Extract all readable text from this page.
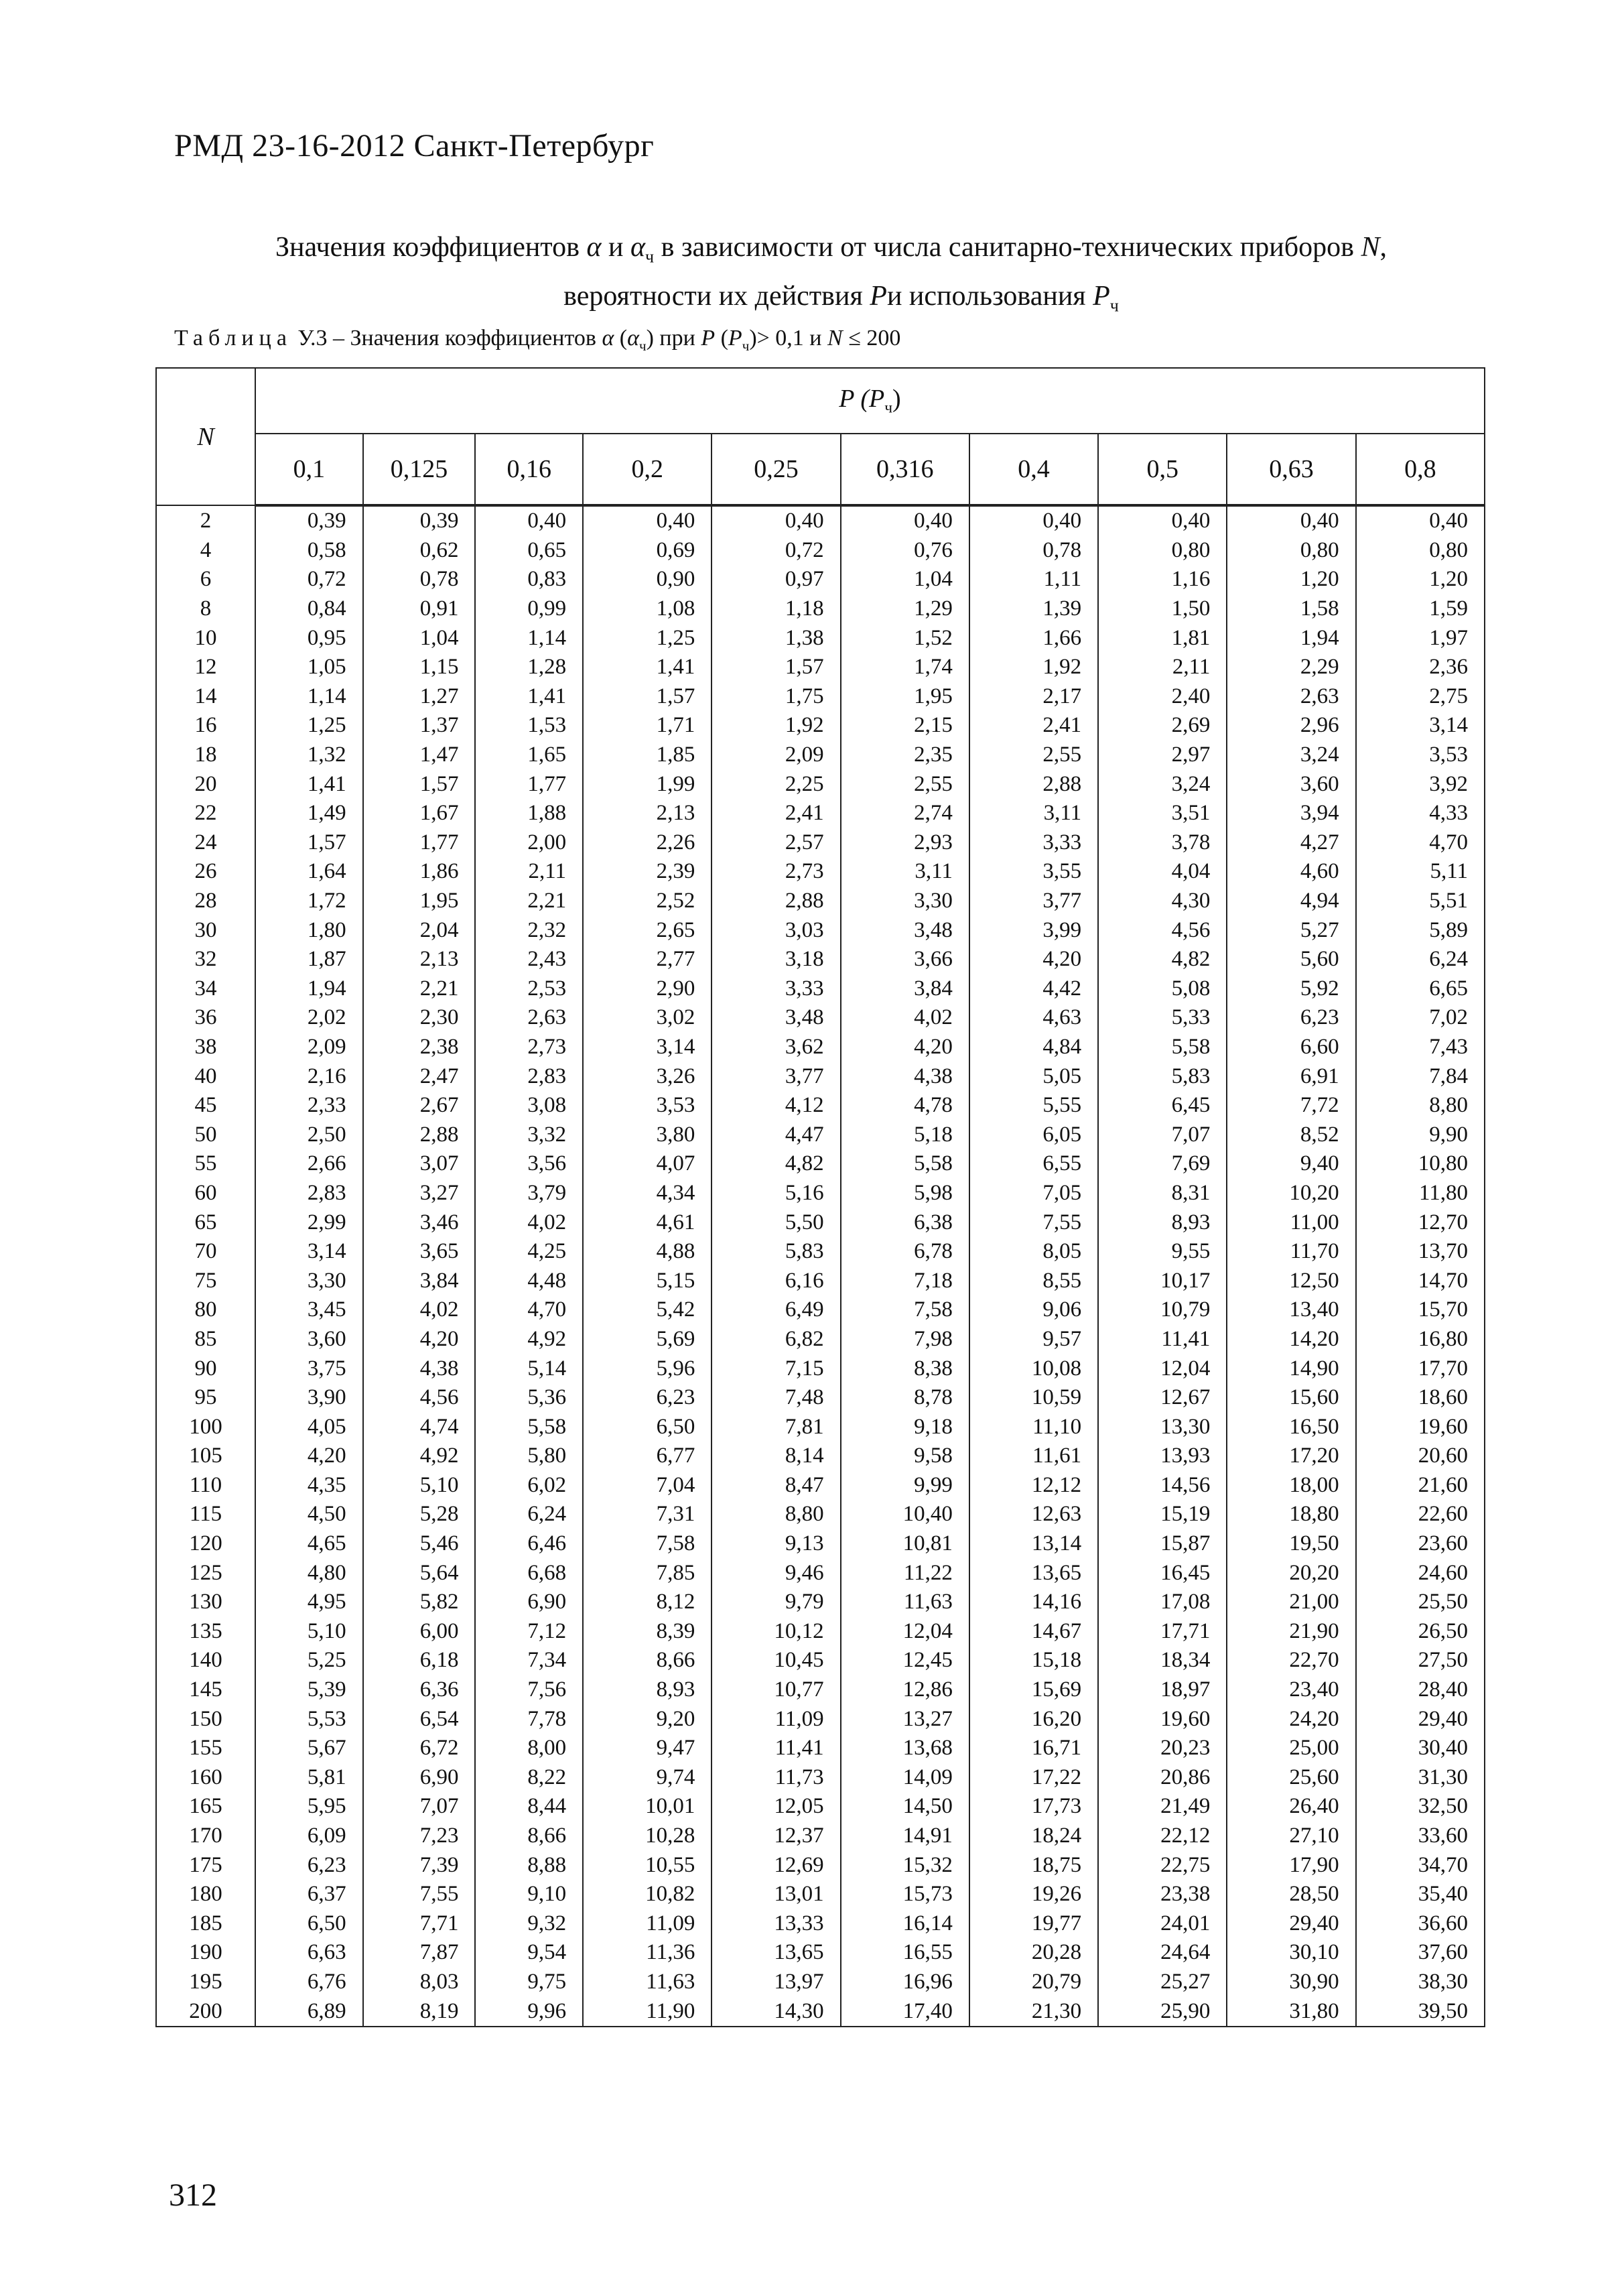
РМД 23-16-2012 Санкт-Петербург
Значения коэффициентов α и $\alpha_ч$ в зависимости от числа санитарно-технических приборов N,
вероятности их действия Pи использования $P_ч$
Таблица У.3 – Значения коэффициентов α $(\alpha_ч)$ при P $(P_ч)> 0,1$ и N ≤ 200
N	P $(P_ч)$									
	0,1	0,125	0,16	0,2	0,25	0,316	0,4	0,5	0,63	0,8
2	0,39	0,39	0,40	0,40	0,40	0,40	0,40	0,40	0,40	0,40
4	0,58	0,62	0,65	0,69	0,72	0,76	0,78	0,80	0,80	0,80
6	0,72	0,78	0,83	0,90	0,97	1,04	1,11	1,16	1,20	1,20
8	0,84	0,91	0,99	1,08	1,18	1,29	1,39	1,50	1,58	1,59
10	0,95	1,04	1,14	1,25	1,38	1,52	1,66	1,81	1,94	1,97
12	1,05	1,15	1,28	1,41	1,57	1,74	1,92	2,11	2,29	2,36
14	1,14	1,27	1,41	1,57	1,75	1,95	2,17	2,40	2,63	2,75
16	1,25	1,37	1,53	1,71	1,92	2,15	2,41	2,69	2,96	3,14
18	1,32	1,47	1,65	1,85	2,09	2,35	2,55	2,97	3,24	3,53
20	1,41	1,57	1,77	1,99	2,25	2,55	2,88	3,24	3,60	3,92
22	1,49	1,67	1,88	2,13	2,41	2,74	3,11	3,51	3,94	4,33
24	1,57	1,77	2,00	2,26	2,57	2,93	3,33	3,78	4,27	4,70
26	1,64	1,86	2,11	2,39	2,73	3,11	3,55	4,04	4,60	5,11
28	1,72	1,95	2,21	2,52	2,88	3,30	3,77	4,30	4,94	5,51
30	1,80	2,04	2,32	2,65	3,03	3,48	3,99	4,56	5,27	5,89
32	1,87	2,13	2,43	2,77	3,18	3,66	4,20	4,82	5,60	6,24
34	1,94	2,21	2,53	2,90	3,33	3,84	4,42	5,08	5,92	6,65
36	2,02	2,30	2,63	3,02	3,48	4,02	4,63	5,33	6,23	7,02
38	2,09	2,38	2,73	3,14	3,62	4,20	4,84	5,58	6,60	7,43
40	2,16	2,47	2,83	3,26	3,77	4,38	5,05	5,83	6,91	7,84
45	2,33	2,67	3,08	3,53	4,12	4,78	5,55	6,45	7,72	8,80
50	2,50	2,88	3,32	3,80	4,47	5,18	6,05	7,07	8,52	9,90
55	2,66	3,07	3,56	4,07	4,82	5,58	6,55	7,69	9,40	10,80
60	2,83	3,27	3,79	4,34	5,16	5,98	7,05	8,31	10,20	11,80
65	2,99	3,46	4,02	4,61	5,50	6,38	7,55	8,93	11,00	12,70
70	3,14	3,65	4,25	4,88	5,83	6,78	8,05	9,55	11,70	13,70
75	3,30	3,84	4,48	5,15	6,16	7,18	8,55	10,17	12,50	14,70
80	3,45	4,02	4,70	5,42	6,49	7,58	9,06	10,79	13,40	15,70
85	3,60	4,20	4,92	5,69	6,82	7,98	9,57	11,41	14,20	16,80
90	3,75	4,38	5,14	5,96	7,15	8,38	10,08	12,04	14,90	17,70
95	3,90	4,56	5,36	6,23	7,48	8,78	10,59	12,67	15,60	18,60
100	4,05	4,74	5,58	6,50	7,81	9,18	11,10	13,30	16,50	19,60
105	4,20	4,92	5,80	6,77	8,14	9,58	11,61	13,93	17,20	20,60
110	4,35	5,10	6,02	7,04	8,47	9,99	12,12	14,56	18,00	21,60
115	4,50	5,28	6,24	7,31	8,80	10,40	12,63	15,19	18,80	22,60
120	4,65	5,46	6,46	7,58	9,13	10,81	13,14	15,87	19,50	23,60
125	4,80	5,64	6,68	7,85	9,46	11,22	13,65	16,45	20,20	24,60
130	4,95	5,82	6,90	8,12	9,79	11,63	14,16	17,08	21,00	25,50
135	5,10	6,00	7,12	8,39	10,12	12,04	14,67	17,71	21,90	26,50
140	5,25	6,18	7,34	8,66	10,45	12,45	15,18	18,34	22,70	27,50
145	5,39	6,36	7,56	8,93	10,77	12,86	15,69	18,97	23,40	28,40
150	5,53	6,54	7,78	9,20	11,09	13,27	16,20	19,60	24,20	29,40
155	5,67	6,72	8,00	9,47	11,41	13,68	16,71	20,23	25,00	30,40
160	5,81	6,90	8,22	9,74	11,73	14,09	17,22	20,86	25,60	31,30
165	5,95	7,07	8,44	10,01	12,05	14,50	17,73	21,49	26,40	32,50
170	6,09	7,23	8,66	10,28	12,37	14,91	18,24	22,12	27,10	33,60
175	6,23	7,39	8,88	10,55	12,69	15,32	18,75	22,75	17,90	34,70
180	6,37	7,55	9,10	10,82	13,01	15,73	19,26	23,38	28,50	35,40
185	6,50	7,71	9,32	11,09	13,33	16,14	19,77	24,01	29,40	36,60
190	6,63	7,87	9,54	11,36	13,65	16,55	20,28	24,64	30,10	37,60
195	6,76	8,03	9,75	11,63	13,97	16,96	20,79	25,27	30,90	38,30
200	6,89	8,19	9,96	11,90	14,30	17,40	21,30	25,90	31,80	39,50
312
